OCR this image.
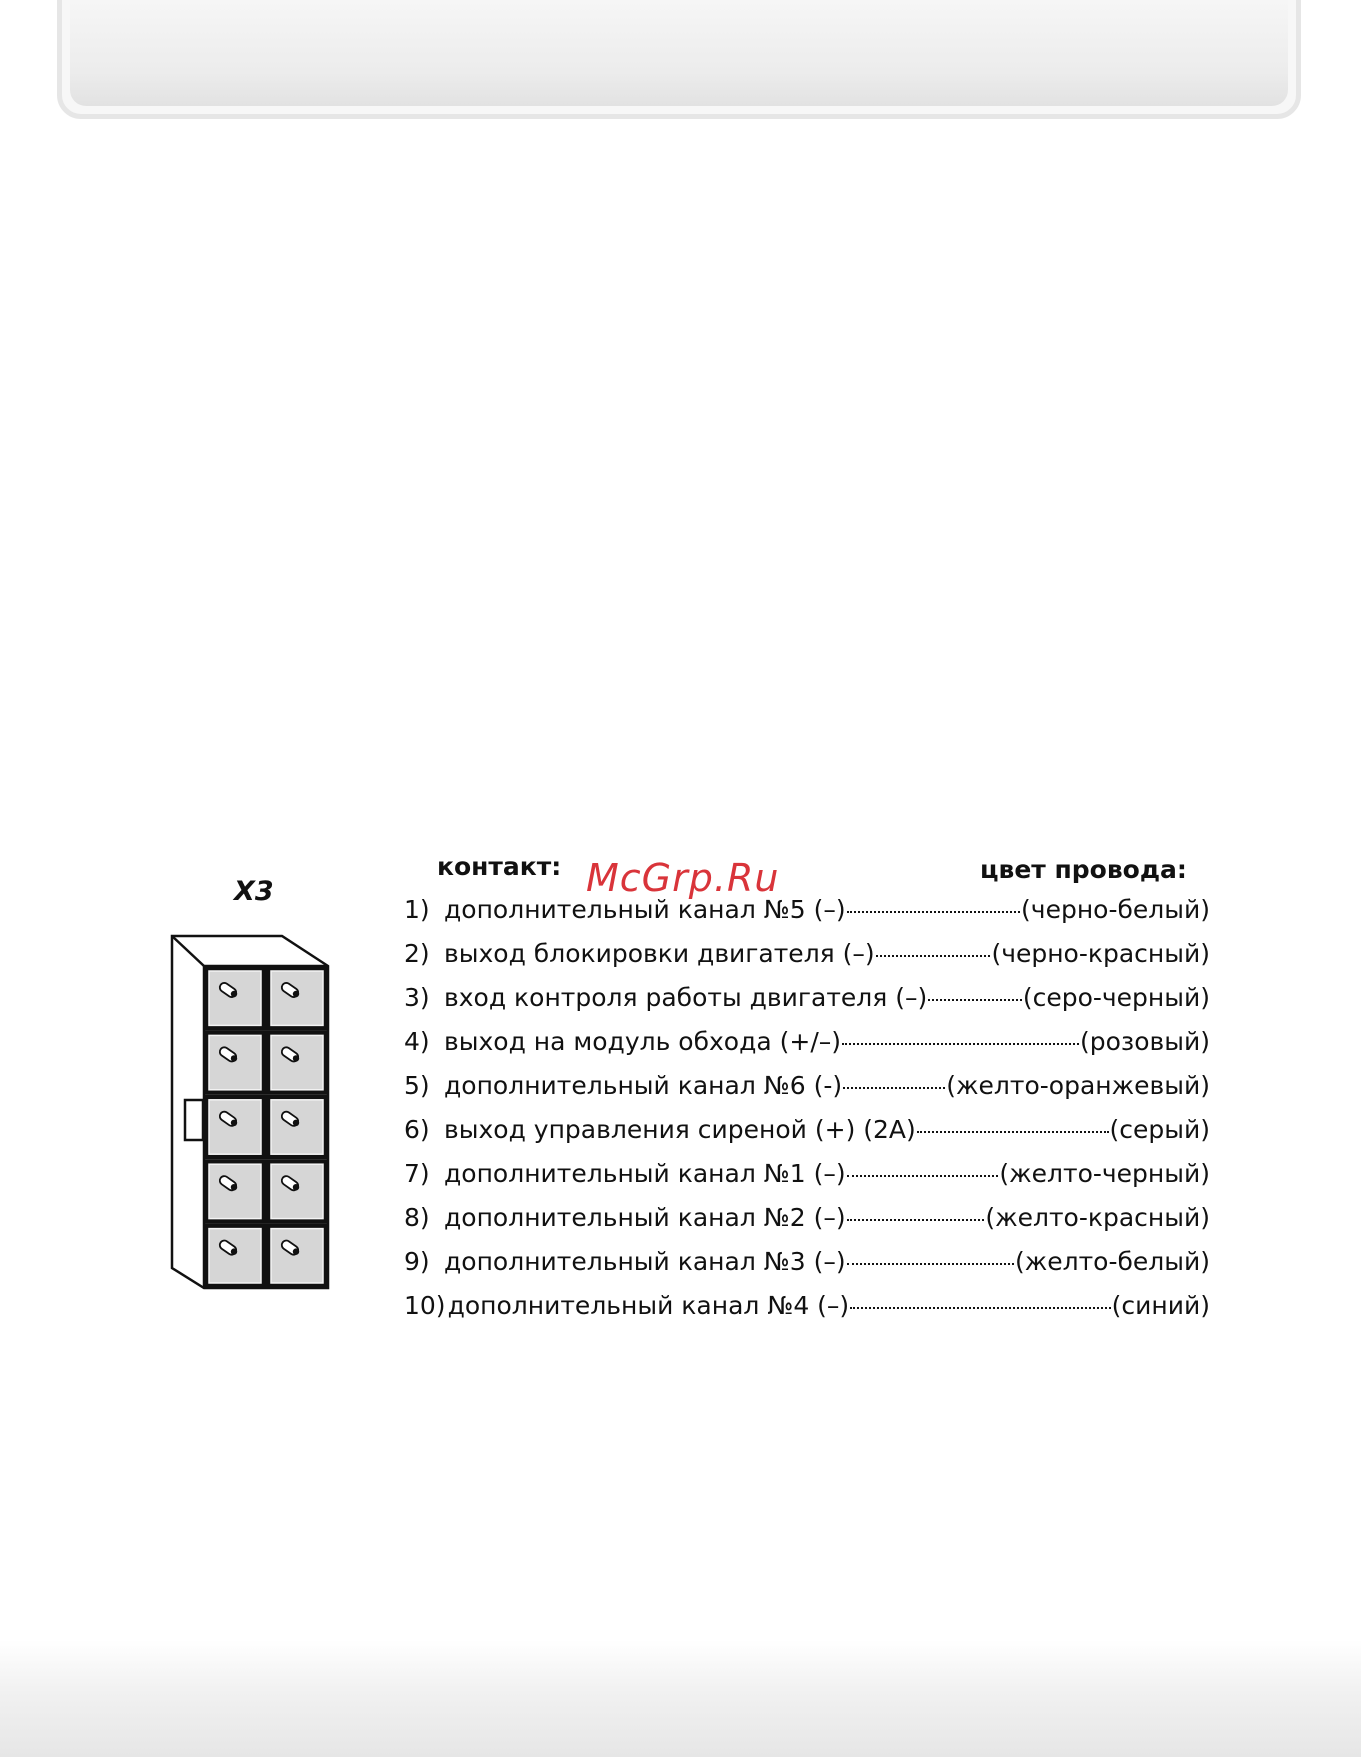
X3
контакт: McGrp.Ru	цвет провода:
1) дополнительный канал №5 (–)	(черно-белый)
2) выход блокировки двигателя (–)	(черно-красный)
3) вход контроля работы двигателя (–)	(серо-черный)
4) выход на модуль обхода (+/–)	(розовый)
5) дополнительный канал №6 (-)	(желто-оранжевый)
6) выход управления сиреной (+) (2А)	(серый)
7) дополнительный канал №1 (–)	(желто-черный)
8) дополнительный канал №2 (–)	(желто-красный)
9) дополнительный канал №3 (–)	(желто-белый)
10) дополнительный канал №4 (–)	(синий)
